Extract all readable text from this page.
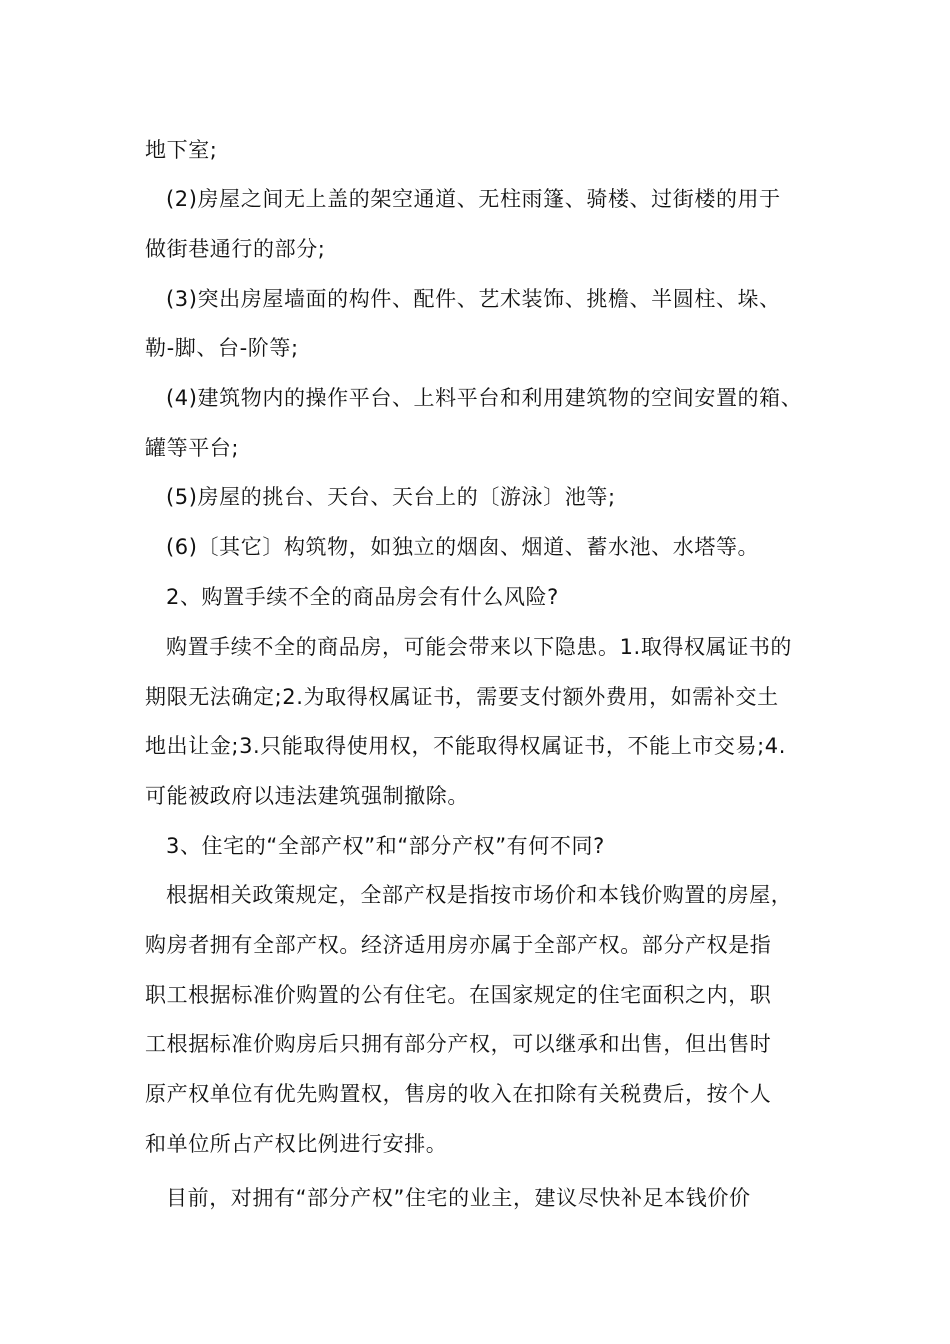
地下室;
(2)房屋之间无上盖的架空通道、无柱雨篷、骑楼、过街楼的用于
做街巷通行的部分;
(3)突出房屋墙面的构件、配件、艺术装饰、挑檐、半圆柱、垛、
勒-脚、台-阶等;
(4)建筑物内的操作平台、上料平台和利用建筑物的空间安置的箱、
罐等平台;
(5)房屋的挑台、天台、天台上的〔游泳〕池等;
(6)〔其它〕构筑物，如独立的烟囱、烟道、蓄水池、水塔等。
2、购置手续不全的商品房会有什么风险?
购置手续不全的商品房，可能会带来以下隐患。1.取得权属证书的
期限无法确定;2.为取得权属证书，需要支付额外费用，如需补交土
地出让金;3.只能取得使用权，不能取得权属证书，不能上市交易;4.
可能被政府以违法建筑强制撤除。
3、住宅的“全部产权”和“部分产权”有何不同?
根据相关政策规定，全部产权是指按市场价和本钱价购置的房屋，
购房者拥有全部产权。经济适用房亦属于全部产权。部分产权是指
职工根据标准价购置的公有住宅。在国家规定的住宅面积之内，职
工根据标准价购房后只拥有部分产权，可以继承和出售，但出售时
原产权单位有优先购置权，售房的收入在扣除有关税费后，按个人
和单位所占产权比例进行安排。
目前，对拥有“部分产权”住宅的业主，建议尽快补足本钱价价
